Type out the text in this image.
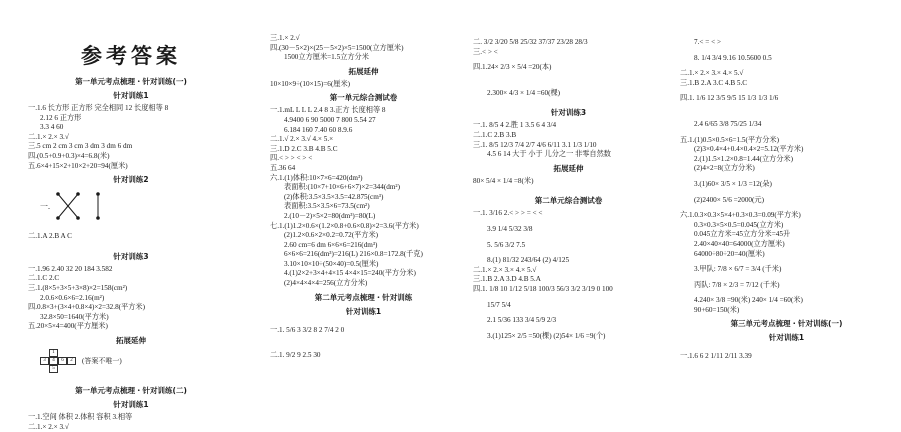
参考答案
第一单元考点梳理・针对训练(一)
针对训练1
一.1.6 长方形 正方形 完全相同 12 长度相等 8
2.12 6 正方形
3.3 4 60
二.1.× 2.× 3.√
三.5 cm 2 cm 3 cm 3 dm 3 dm 6 dm
四.(0.5+0.9+0.3)×4=6.8(米)
五.6×4+15×2+10×2+20=94(厘米)
针对训练2
一.
二.1.A 2.B A C
针对训练3
一.1.96 2.40 32 20 184 3.582
二.1.C 2.C
三.1.(8×5+3×5+3×8)×2=158(cm²)
2.0.6×0.6×6=2.16(m²)
四.0.8×3+(3×4+0.8×4)×2=32.8(平方米)
32.8×50=1640(平方米)
五.20×5×4=400(平方厘米)
拓展延伸
1
3	4	6	2
5
(答案不唯一)
第一单元考点梳理・针对训练(二)
针对训练1
一.1.空间 体积 2.体积 容积 3.相等
二.1.× 2.× 3.√
三.1.× 2.√
四.(30－5×2)×(25－5×2)×5=1500(立方厘米)
1500立方厘米=1.5立方分米
拓展延伸
10×10×9÷(10×15)=6(厘米)
第一单元综合测试卷
一.1.mL L L L 2.4 8 3.正方 长度相等 8
4.9400 6 90 5000 7 800 5.54 27
6.184 160 7.40 60 8.9.6
二.1.√ 2.× 3.√ 4.× 5.×
三.1.D 2.C 3.B 4.B 5.C
四.< > > < > <
五.36 64
六.1.(1)体积:10×7×6=420(dm³)
表面积:(10×7+10×6+6×7)×2=344(dm²)
(2)体积:3.5×3.5×3.5=42.875(cm³)
表面积:3.5×3.5×6=73.5(cm²)
2.(10－2)×5×2=80(dm³)=80(L)
七.1.(1)1.2×0.6×(1.2×0.8+0.6×0.8)×2=3.6(平方米)
(2)1.2×0.6×2×0.2=0.72(平方米)
2.60 cm=6 dm 6×6×6=216(dm³)
6×6×6=216(dm³)=216(L) 216×0.8=172.8(千克)
3.10×10×10÷(50×40)=0.5(厘米)
4.(1)2×2+3×4+4×15 4×4×15=240(平方分米)
(2)4×4×4×4=256(立方分米)
第二单元考点梳理・针对训练
针对训练1
一.1. 5/6 3 3/2 8 2 7/4 2 0
二.1. 9/2 9 2.5 30
二. 3/2 3/20 5/8 25/32 37/37 23/28 28/3
三.< > <
四.1.24× 2/3 × 5/4 =20(本)
2.300× 4/3 × 1/4 =60(棵)
针对训练3
一.1. 8/5 4 2.胜 1 3.5 6 4 3/4
二.1.C 2.B 3.B
三.1. 8/5 12/3 7/4 2/7 4/6 6/11 3.1 1/3 1/10
4.5 6 14 大于 小于 儿分之一 非零自然数
拓展延伸
80× 5/4 × 1/4 =8(米)
第二单元综合测试卷
一.1. 3/16 2.< > > = < <
3.9 1/4 5/32 3/8
5. 5/6 3/2 7.5
8.(1) 81/32 243/64 (2) 4/125
二.1.× 2.× 3.× 4.× 5.√
三.1.B 2.A 3.D 4.B 5.A
四.1. 1/8 10 1/12 5/18 100/3 56/3 3/2 3/19 0 100
15/7 5/4
2.1 5/36 133 3/4 5/9 2/3
3.(1)125× 2/5 =50(棵) (2)54× 1/6 =9(个)
7.< = < >
8. 1/4 3/4 9.16 10.5600 0.5
二.1.× 2.× 3.× 4.× 5.√
三.1.B 2.A 3.C 4.B 5.C
四.1. 1/6 12 3/5 9/5 15 1/3 1/3 1/6
2.4 6/65 3/8 75/25 1/34
五.1.(1)0.5×0.5×6=1.5(平方分米)
(2)3×0.4×4+0.4×0.4×2=5.12(平方米)
2.(1)1.5×1.2×0.8=1.44(立方分米)
(2)4×2=8(立方分米)
3.(1)60× 3/5 × 1/3 =12(朵)
(2)2400× 5/6 =2000(元)
六.1.0.3×0.3×5×4+0.3×0.3=0.09(平方米)
0.3×0.3×5×0.5=0.045(立方米)
0.045立方米=45立方分米=45升
2.40×40×40=64000(立方厘米)
64000÷80÷20=40(厘米)
3.甲队: 7/8 × 6/7 = 3/4 (千米)
丙队: 7/8 × 2/3 = 7/12 (千米)
4.240× 3/8 =90(米) 240× 1/4 =60(米)
90+60=150(米)
第三单元考点梳理・针对训练(一)
针对训练1
一.1.6 6 2 1/11 2/11 3.39
